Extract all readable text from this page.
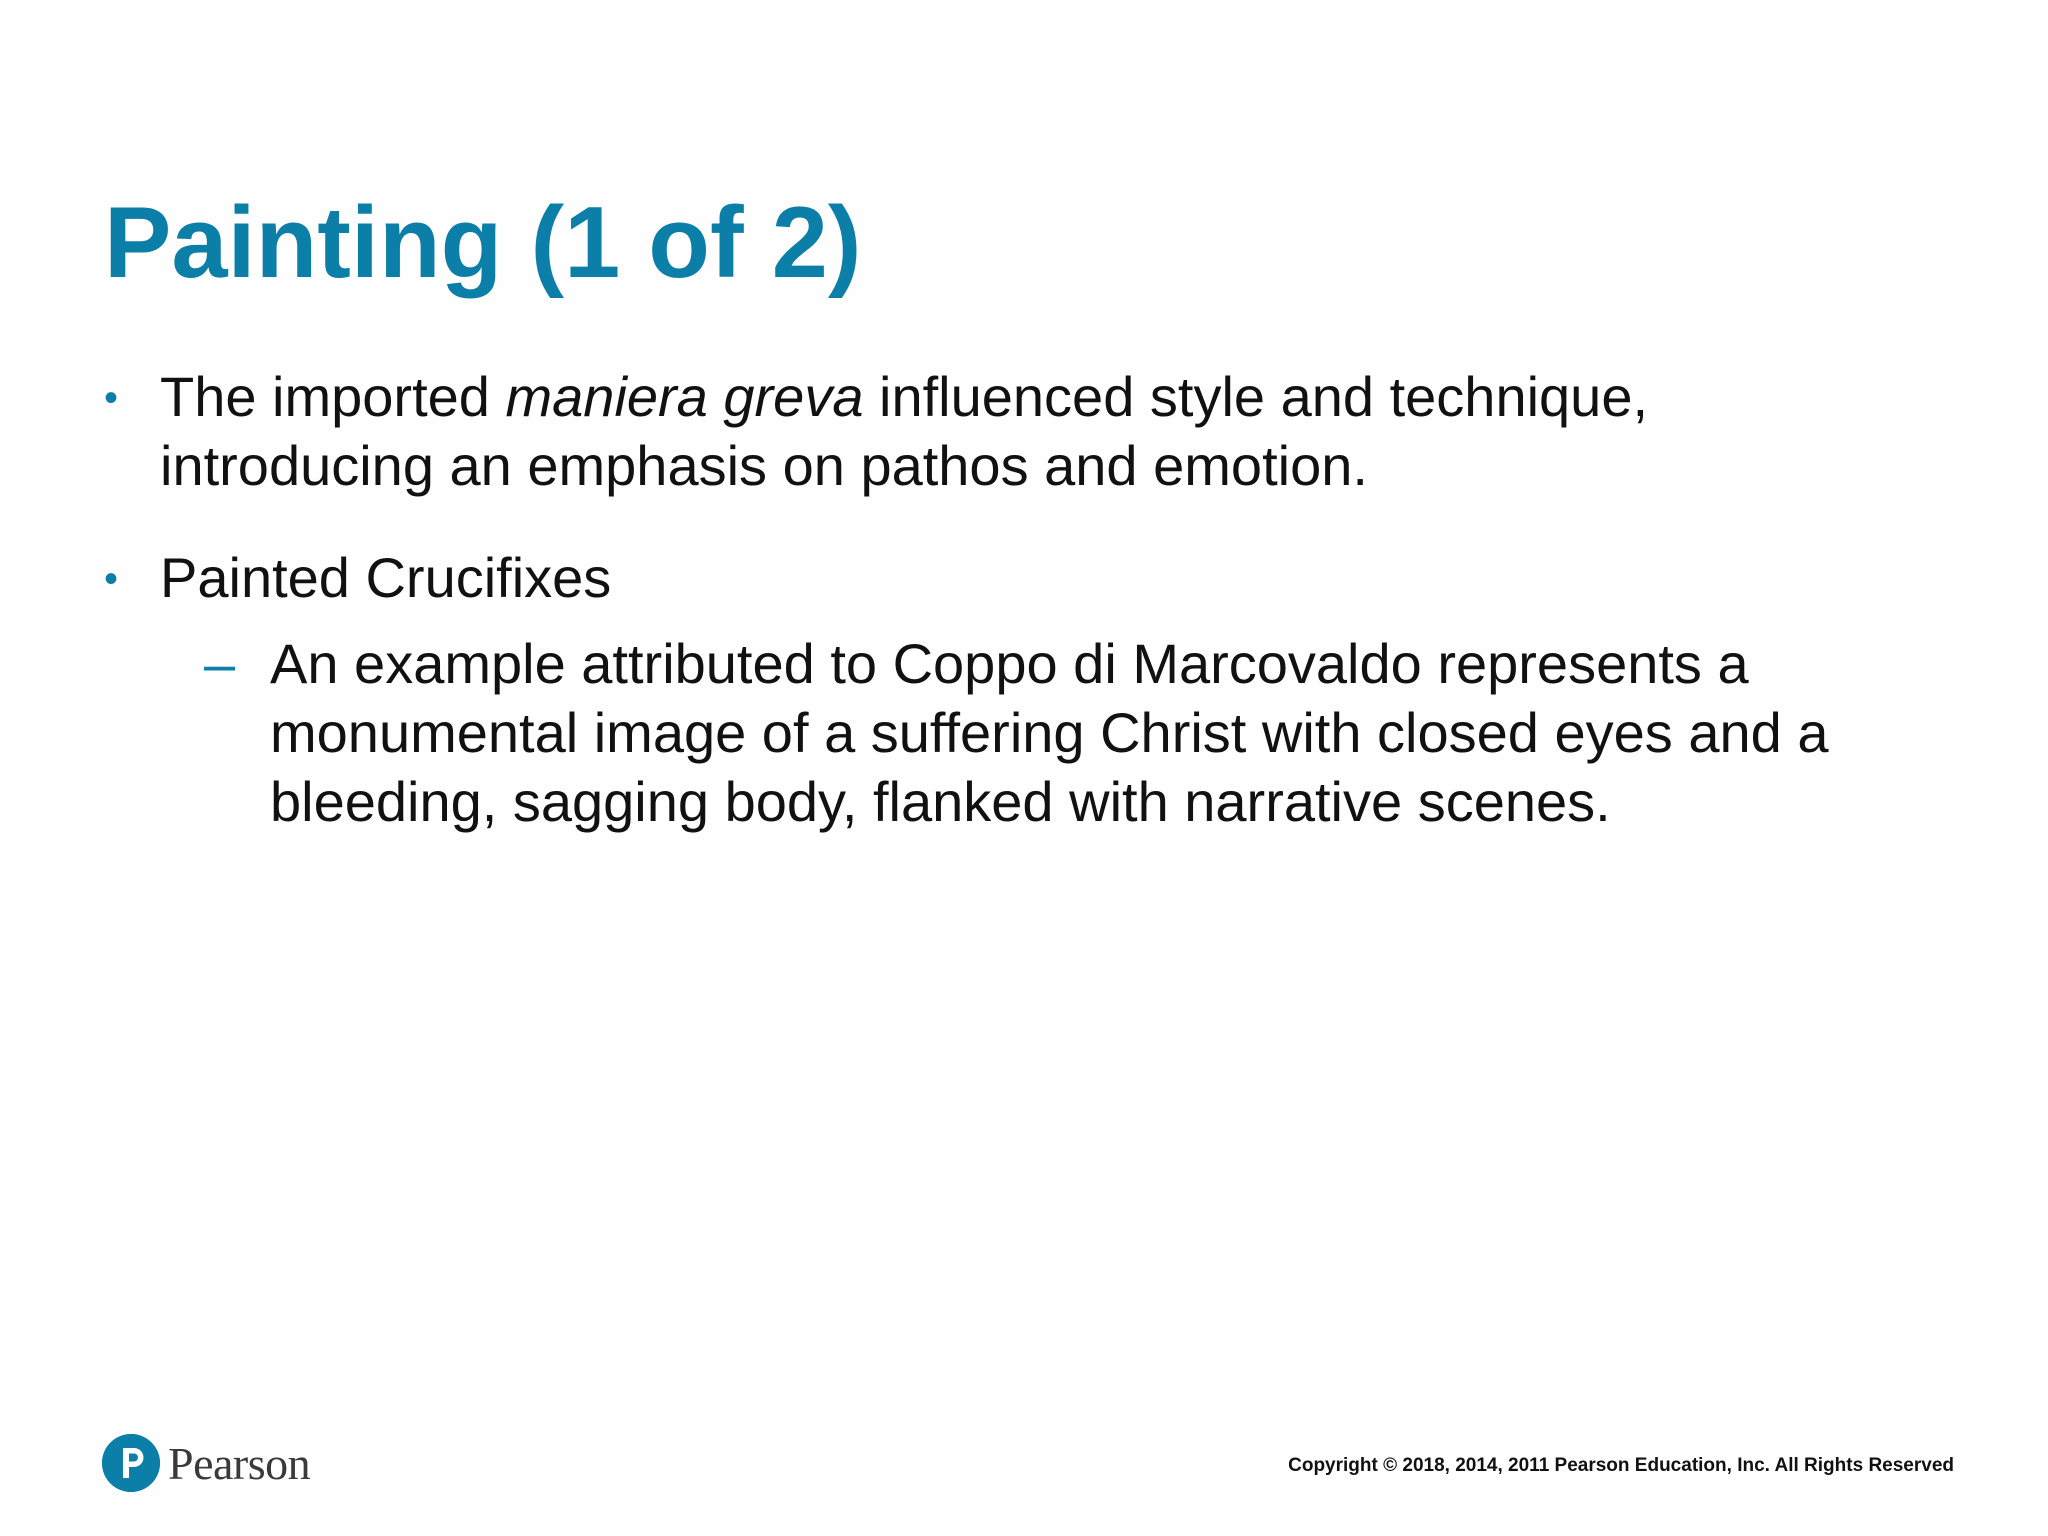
Painting (1 of 2)
• The imported maniera greva influenced style and technique,
introducing an emphasis on pathos and emotion.
• Painted Crucifixes
– An example attributed to Coppo di Marcovaldo represents a
monumental image of a suffering Christ with closed eyes and a
bleeding, sagging body, flanked with narrative scenes.
Pearson	Copyright © 2018, 2014, 2011 Pearson Education, Inc. All Rights Reserved
